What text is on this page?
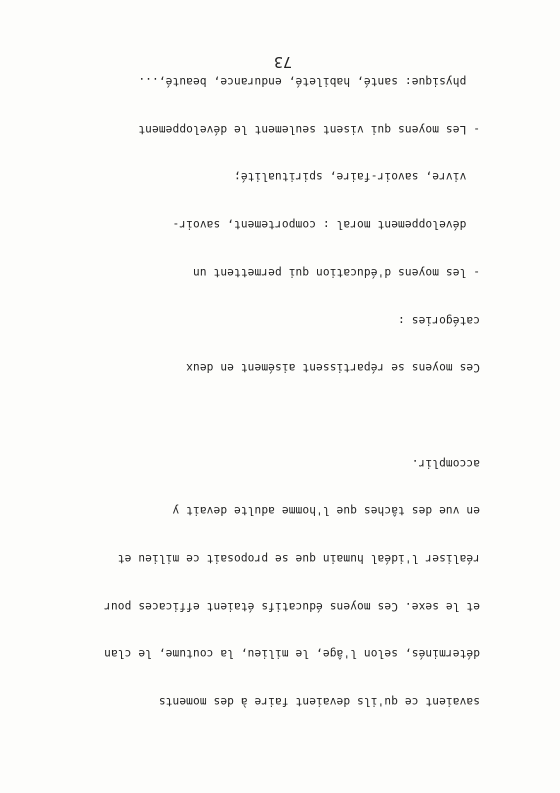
savaient ce qu'ils devaient faire à des moments

déterminés, selon l'âge, le milieu, la coutume, le clan

et le sexe. Ces moyens éducatifs étaient efficaces pour

réaliser l'idéal humain que se proposait ce milieu et

en vue des tâches que l'homme adulte devait y

accomplir.

Ces moyens se répartissent aisément en deux

catégories :

- les moyens d'éducation qui permettent un

développement moral : comportement, savoir-

vivre, savoir-faire, spiritualité;

- Les moyens qui visent seulement le développement

physique: santé, habileté, endurance, beauté,...

73
